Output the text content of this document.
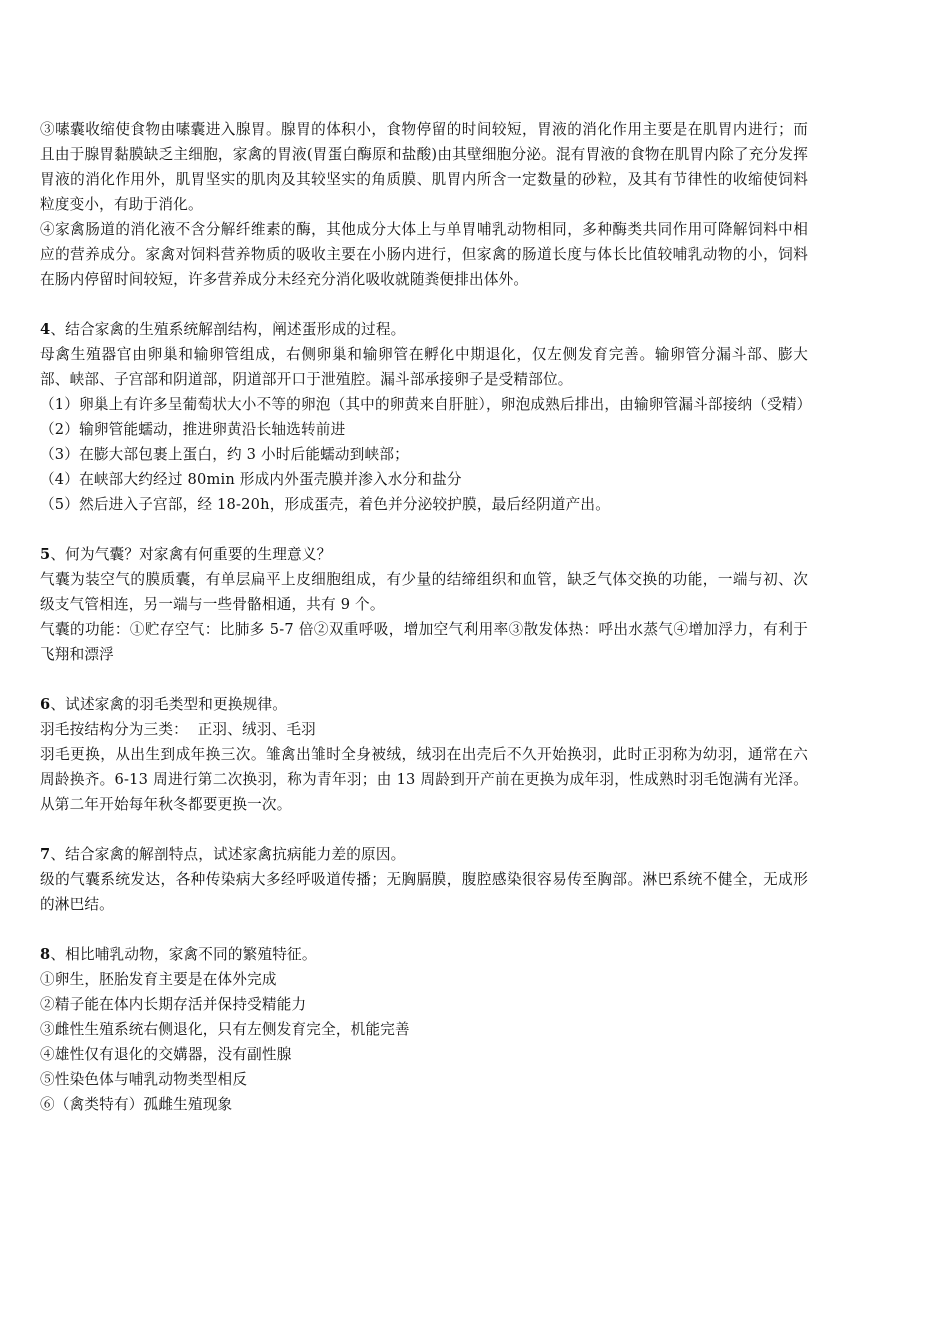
③嗉囊收缩使食物由嗉囊进入腺胃。腺胃的体积小，食物停留的时间较短，胃液的消化作用主要是在肌胃内进行；而且由于腺胃黏膜缺乏主细胞，家禽的胃液(胃蛋白酶原和盐酸)由其壁细胞分泌。混有胃液的食物在肌胃内除了充分发挥胃液的消化作用外，肌胃坚实的肌肉及其较坚实的角质膜、肌胃内所含一定数量的砂粒，及其有节律性的收缩使饲料粒度变小，有助于消化。

④家禽肠道的消化液不含分解纤维素的酶，其他成分大体上与单胃哺乳动物相同，多种酶类共同作用可降解饲料中相应的营养成分。家禽对饲料营养物质的吸收主要在小肠内进行，但家禽的肠道长度与体长比值较哺乳动物的小，饲料在肠内停留时间较短，许多营养成分未经充分消化吸收就随粪便排出体外。

4、结合家禽的生殖系统解剖结构，阐述蛋形成的过程。

母禽生殖器官由卵巢和输卵管组成，右侧卵巢和输卵管在孵化中期退化，仅左侧发育完善。输卵管分漏斗部、膨大部、峡部、子宫部和阴道部，阴道部开口于泄殖腔。漏斗部承接卵子是受精部位。

（1）卵巢上有许多呈葡萄状大小不等的卵泡（其中的卵黄来自肝脏），卵泡成熟后排出，由输卵管漏斗部接纳（受精）

（2）输卵管能蠕动，推进卵黄沿长轴选转前进

（3）在膨大部包裹上蛋白，约 3 小时后能蠕动到峡部；

（4）在峡部大约经过 80min 形成内外蛋壳膜并渗入水分和盐分

（5）然后进入子宫部，经 18-20h，形成蛋壳，着色并分泌较护膜，最后经阴道产出。

5、何为气囊？对家禽有何重要的生理意义？

气囊为装空气的膜质囊，有单层扁平上皮细胞组成，有少量的结缔组织和血管，缺乏气体交换的功能，一端与初、次级支气管相连，另一端与一些骨骼相通，共有 9 个。

气囊的功能：①贮存空气：比肺多 5-7 倍②双重呼吸，增加空气利用率③散发体热：呼出水蒸气④增加浮力，有利于飞翔和漂浮

6、试述家禽的羽毛类型和更换规律。

羽毛按结构分为三类：  正羽、绒羽、毛羽

羽毛更换，从出生到成年换三次。雏禽出雏时全身被绒，绒羽在出壳后不久开始换羽，此时正羽称为幼羽，通常在六周龄换齐。6-13 周进行第二次换羽，称为青年羽；由 13 周龄到开产前在更换为成年羽，性成熟时羽毛饱满有光泽。从第二年开始每年秋冬都要更换一次。

7、结合家禽的解剖特点，试述家禽抗病能力差的原因。

级的气囊系统发达，各种传染病大多经呼吸道传播；无胸膈膜，腹腔感染很容易传至胸部。淋巴系统不健全，无成形的淋巴结。

8、相比哺乳动物，家禽不同的繁殖特征。

①卵生，胚胎发育主要是在体外完成

②精子能在体内长期存活并保持受精能力

③雌性生殖系统右侧退化，只有左侧发育完全，机能完善

④雄性仅有退化的交媾器，没有副性腺

⑤性染色体与哺乳动物类型相反

⑥（禽类特有）孤雌生殖现象
